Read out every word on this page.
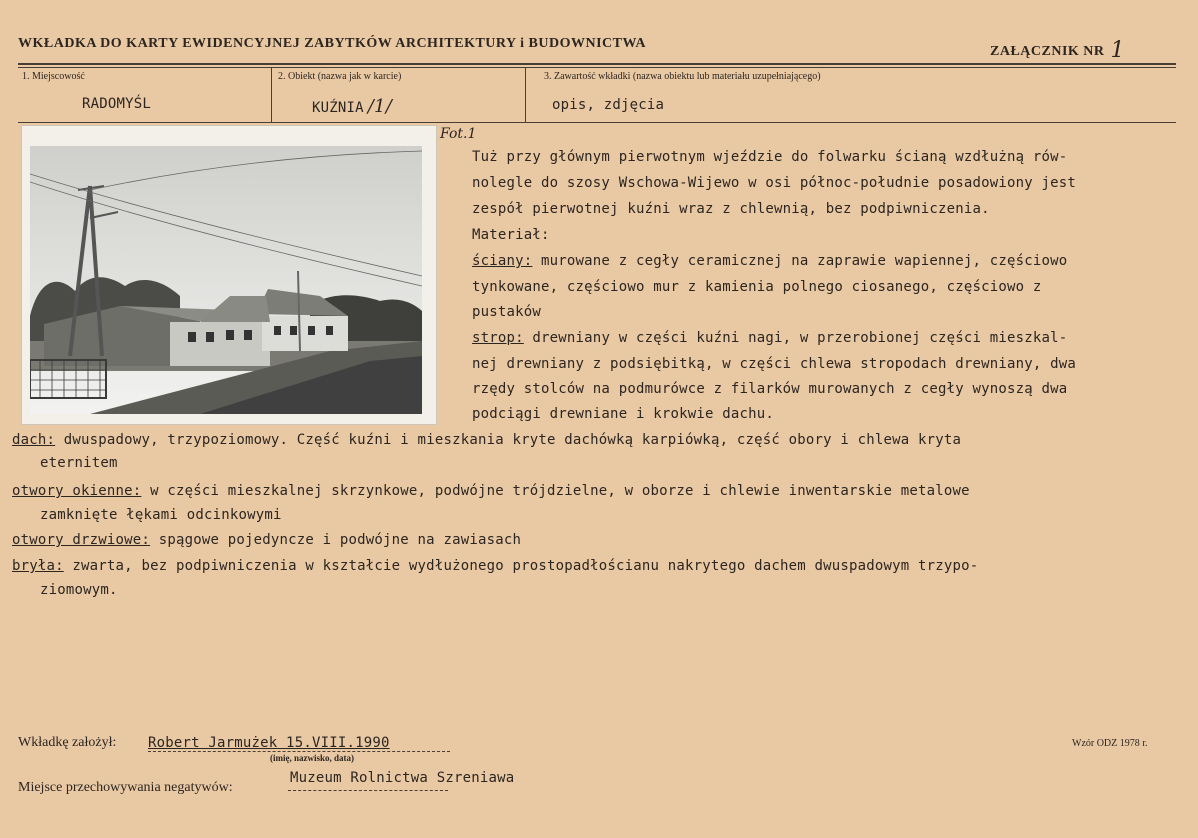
WKŁADKA DO KARTY EWIDENCYJNEJ ZABYTKÓW ARCHITEKTURY i BUDOWNICTWA
ZAŁĄCZNIK NR 1
1. Miejscowość
RADOMYŚL
2. Obiekt (nazwa jak w karcie)
KUŹNIA /1/
3. Zawartość wkładki (nazwa obiektu lub materiału uzupełniającego)
opis, zdjęcia
Fot.1
Tuż przy głównym pierwotnym wjeździe do folwarku ścianą wzdłużną rów-
nolegle do szosy Wschowa-Wijewo w osi północ-południe posadowiony jest
zespół pierwotnej kuźni wraz z chlewnią, bez podpiwniczenia.
Materiał:
ściany: murowane z cegły ceramicznej na zaprawie wapiennej, częściowo
tynkowane, częściowo mur z kamienia polnego ciosanego, częściowo z
pustaków
strop: drewniany w części kuźni nagi, w przerobionej części mieszkal-
nej drewniany z podsiębitką, w części chlewa stropodach drewniany, dwa
rzędy stolców na podmurówce z filarków murowanych z cegły wynoszą dwa
podciągi drewniane i krokwie dachu.
dach: dwuspadowy, trzypoziomowy. Część kuźni i mieszkania kryte dachówką karpiówką, część obory i chlewa kryta
eternitem
otwory okienne: w części mieszkalnej skrzynkowe, podwójne trójdzielne, w oborze i chlewie inwentarskie metalowe
zamknięte łękami odcinkowymi
otwory drzwiowe: spągowe pojedyncze i podwójne na zawiasach
bryła: zwarta, bez podpiwniczenia w kształcie wydłużonego prostopadłościanu nakrytego dachem dwuspadowym trzypo-
ziomowym.
Wkładkę założył: Robert Jarmużek 15.VIII.1990
(imię, nazwisko, data)
Wzór ODZ 1978 r.
Miejsce przechowywania negatywów:
Muzeum Rolnictwa Szreniawa
